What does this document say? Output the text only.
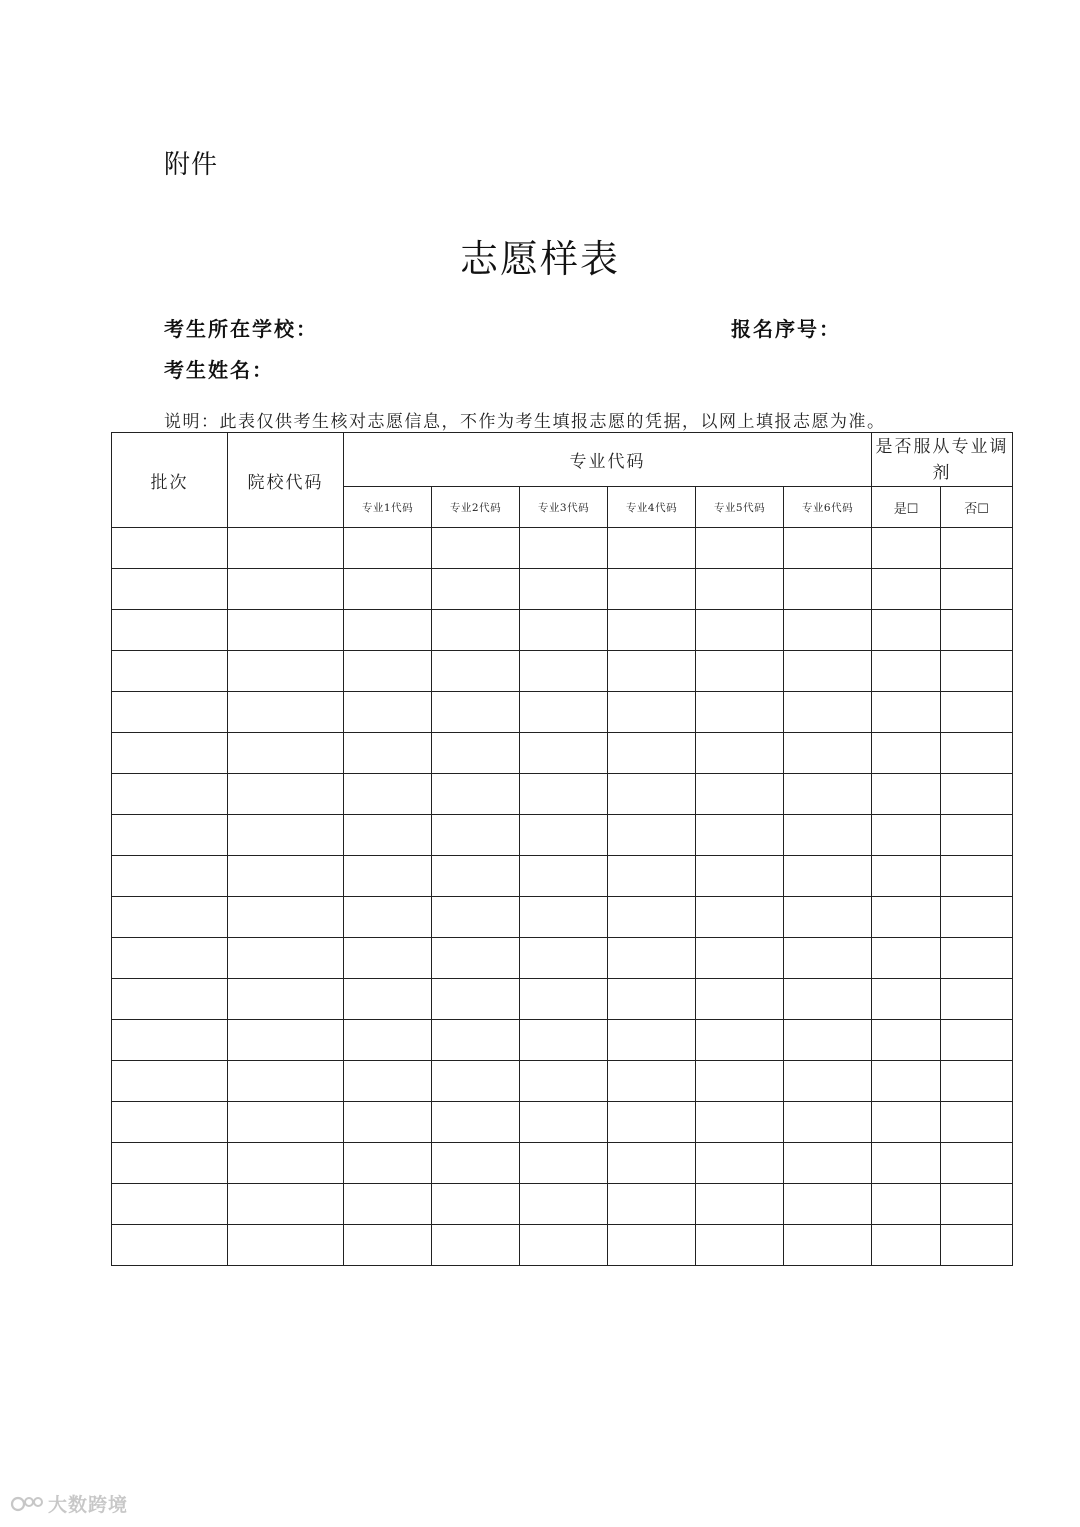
附件
志愿样表
考生所在学校：	报名序号：
考生姓名：
说明：此表仅供考生核对志愿信息，不作为考生填报志愿的凭据，以网上填报志愿为准。
批次	院校代码	专业代码						是否服从专业调剂	
		专业1代码	专业2代码	专业3代码	专业4代码	专业5代码	专业6代码	是☐	否☐

大数跨境
